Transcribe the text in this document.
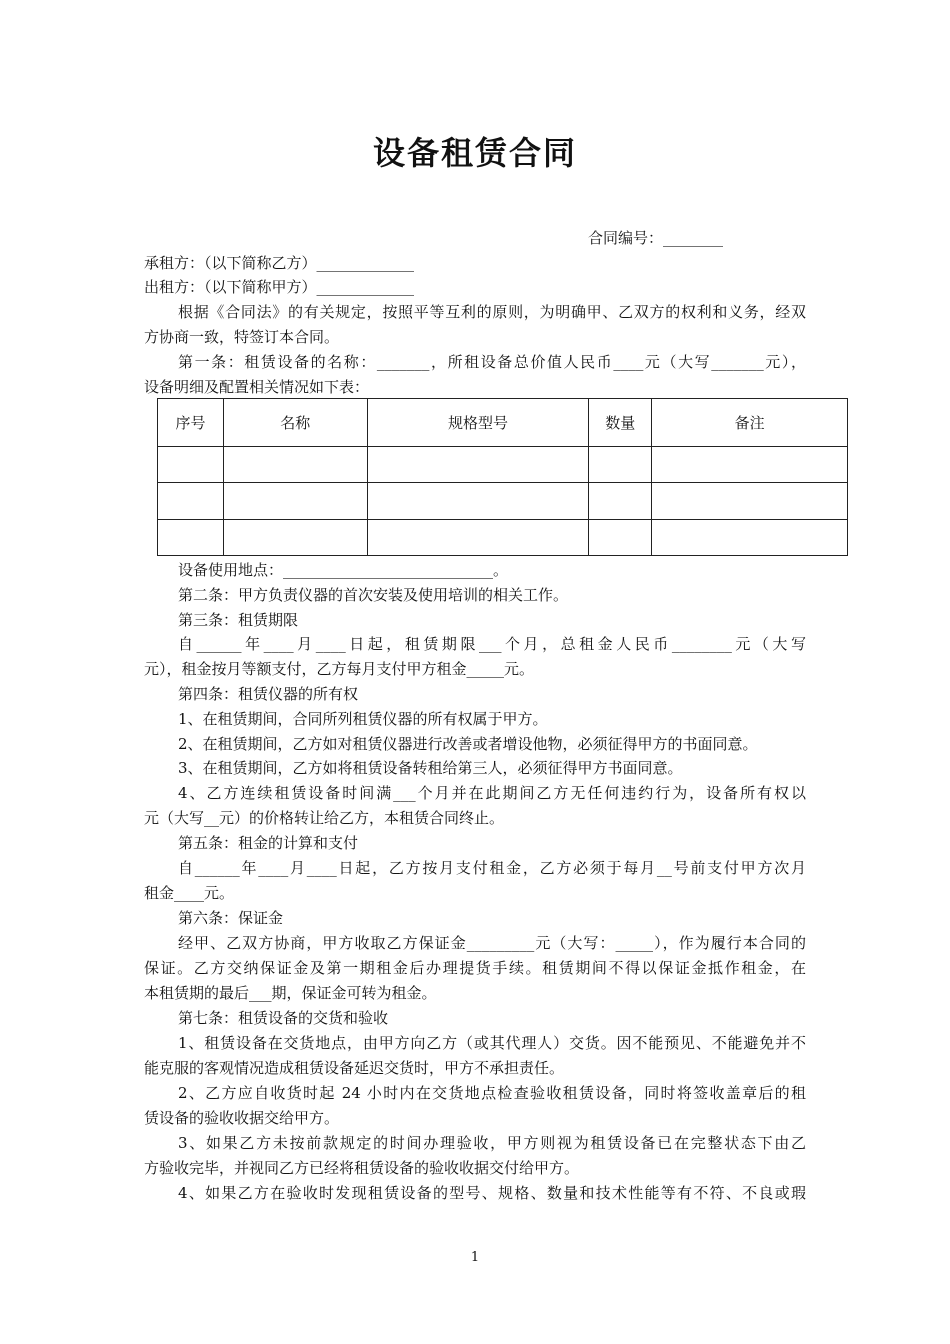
设备租赁合同
合同编号：________
承租方：（以下简称乙方）_____________
出租方：（以下简称甲方）_____________
根据《合同法》的有关规定，按照平等互利的原则，为明确甲、乙双方的权利和义务，经双
方协商一致，特签订本合同。
第一条：租赁设备的名称：_______，所租设备总价值人民币____元（大写_______元），
设备明细及配置相关情况如下表：
序号	名称	规格型号	数量	备注

设备使用地点：____________________________。
第二条：甲方负责仪器的首次安装及使用培训的相关工作。
第三条：租赁期限
自______年____月____日起，租赁期限___个月，总租金人民币________元（大写
元），租金按月等额支付，乙方每月支付甲方租金_____元。
第四条：租赁仪器的所有权
1、在租赁期间，合同所列租赁仪器的所有权属于甲方。
2、在租赁期间，乙方如对租赁仪器进行改善或者增设他物，必须征得甲方的书面同意。
3、在租赁期间，乙方如将租赁设备转租给第三人，必须征得甲方书面同意。
4、乙方连续租赁设备时间满___个月并在此期间乙方无任何违约行为，设备所有权以
元（大写__元）的价格转让给乙方，本租赁合同终止。
第五条：租金的计算和支付
自______年____月____日起，乙方按月支付租金，乙方必须于每月__号前支付甲方次月
租金____元。
第六条：保证金
经甲、乙双方协商，甲方收取乙方保证金_________元（大写：_____），作为履行本合同的
保证。乙方交纳保证金及第一期租金后办理提货手续。租赁期间不得以保证金抵作租金，在
本租赁期的最后___期，保证金可转为租金。
第七条：租赁设备的交货和验收
1、租赁设备在交货地点，由甲方向乙方（或其代理人）交货。因不能预见、不能避免并不
能克服的客观情况造成租赁设备延迟交货时，甲方不承担责任。
2、乙方应自收货时起 24 小时内在交货地点检查验收租赁设备，同时将签收盖章后的租
赁设备的验收收据交给甲方。
3、如果乙方未按前款规定的时间办理验收，甲方则视为租赁设备已在完整状态下由乙
方验收完毕，并视同乙方已经将租赁设备的验收收据交付给甲方。
4、如果乙方在验收时发现租赁设备的型号、规格、数量和技术性能等有不符、不良或瑕
1
